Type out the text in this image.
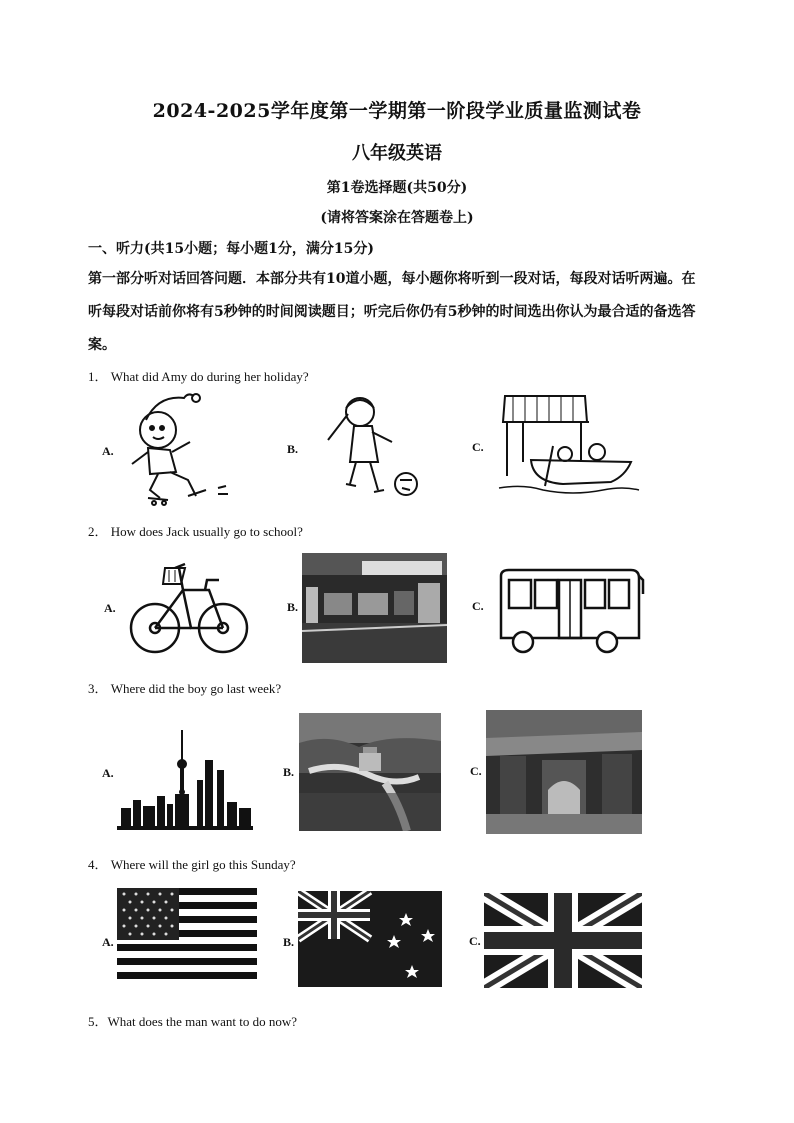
2024-2025学年度第一学期第一阶段学业质量监测试卷
八年级英语
第1卷选择题(共50分)
(请将答案涂在答题卷上)
一、听力(共15小题；每小题1分，满分15分)
第一部分听对话回答问题．本部分共有10道小题，每小题你将听到一段对话，每段对话听两遍。在听每段对话前你将有5秒钟的时间阅读题目；听完后你仍有5秒钟的时间选出你认为最合适的备选答案。
1． What did Amy do during her holiday?
A.	B.	C.
2． How does Jack usually go to school?
A.	B.	C.
3． Where did the boy go last week?
A.	B.	C.
4． Where will the girl go this Sunday?
A.	B.	C.
5．What does the man want to do now?
